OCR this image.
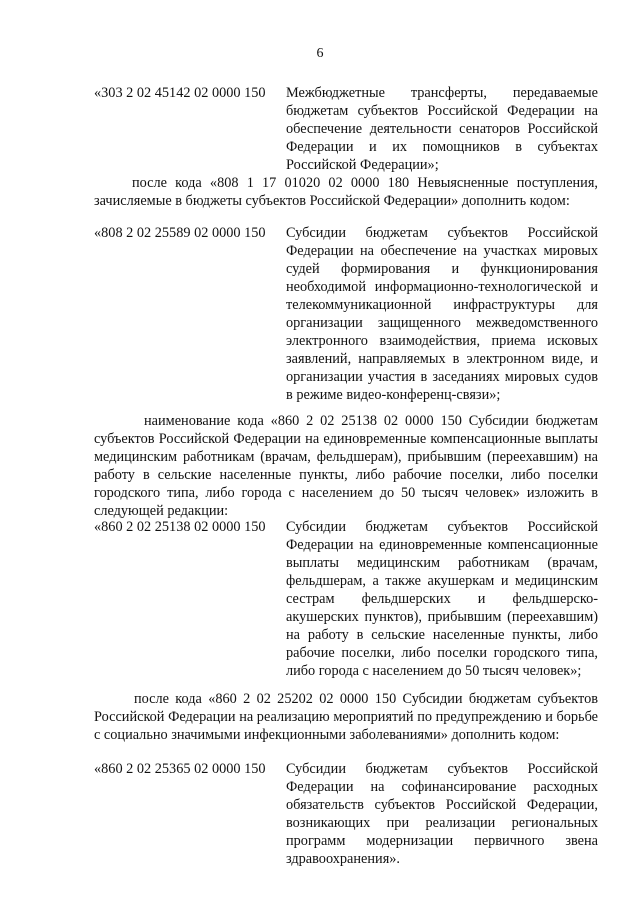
6
«303 2 02 45142 02 0000 150	Межбюджетные трансферты, передаваемые бюджетам субъектов Российской Федерации на обеспечение деятельности сенаторов Российской Федерации и их помощников в субъектах Российской Федерации»;
после кода «808 1 17 01020 02 0000 180 Невыясненные поступления, зачисляемые в бюджеты субъектов Российской Федерации» дополнить кодом:
«808 2 02 25589 02 0000 150	Субсидии бюджетам субъектов Российской Федерации на обеспечение на участках мировых судей формирования и функционирования необходимой информационно-технологической и телекоммуникационной инфраструктуры для организации защищенного межведомственного электронного взаимодействия, приема исковых заявлений, направляемых в электронном виде, и организации участия в заседаниях мировых судов в режиме видео-конференц-связи»;
наименование кода «860 2 02 25138 02 0000 150 Субсидии бюджетам субъектов Российской Федерации на единовременные компенсационные выплаты медицинским работникам (врачам, фельдшерам), прибывшим (переехавшим) на работу в сельские населенные пункты, либо рабочие поселки, либо поселки городского типа, либо города с населением до 50 тысяч человек» изложить в следующей редакции:
«860 2 02 25138 02 0000 150	Субсидии бюджетам субъектов Российской Федерации на единовременные компенсационные выплаты медицинским работникам (врачам, фельдшерам, а также акушеркам и медицинским сестрам фельдшерских и фельдшерско-акушерских пунктов), прибывшим (переехавшим) на работу в сельские населенные пункты, либо рабочие поселки, либо поселки городского типа, либо города с населением до 50 тысяч человек»;
после кода «860 2 02 25202 02 0000 150 Субсидии бюджетам субъектов Российской Федерации на реализацию мероприятий по предупреждению и борьбе с социально значимыми инфекционными заболеваниями» дополнить кодом:
«860 2 02 25365 02 0000 150	Субсидии бюджетам субъектов Российской Федерации на софинансирование расходных обязательств субъектов Российской Федерации, возникающих при реализации региональных программ модернизации первичного звена здравоохранения».
